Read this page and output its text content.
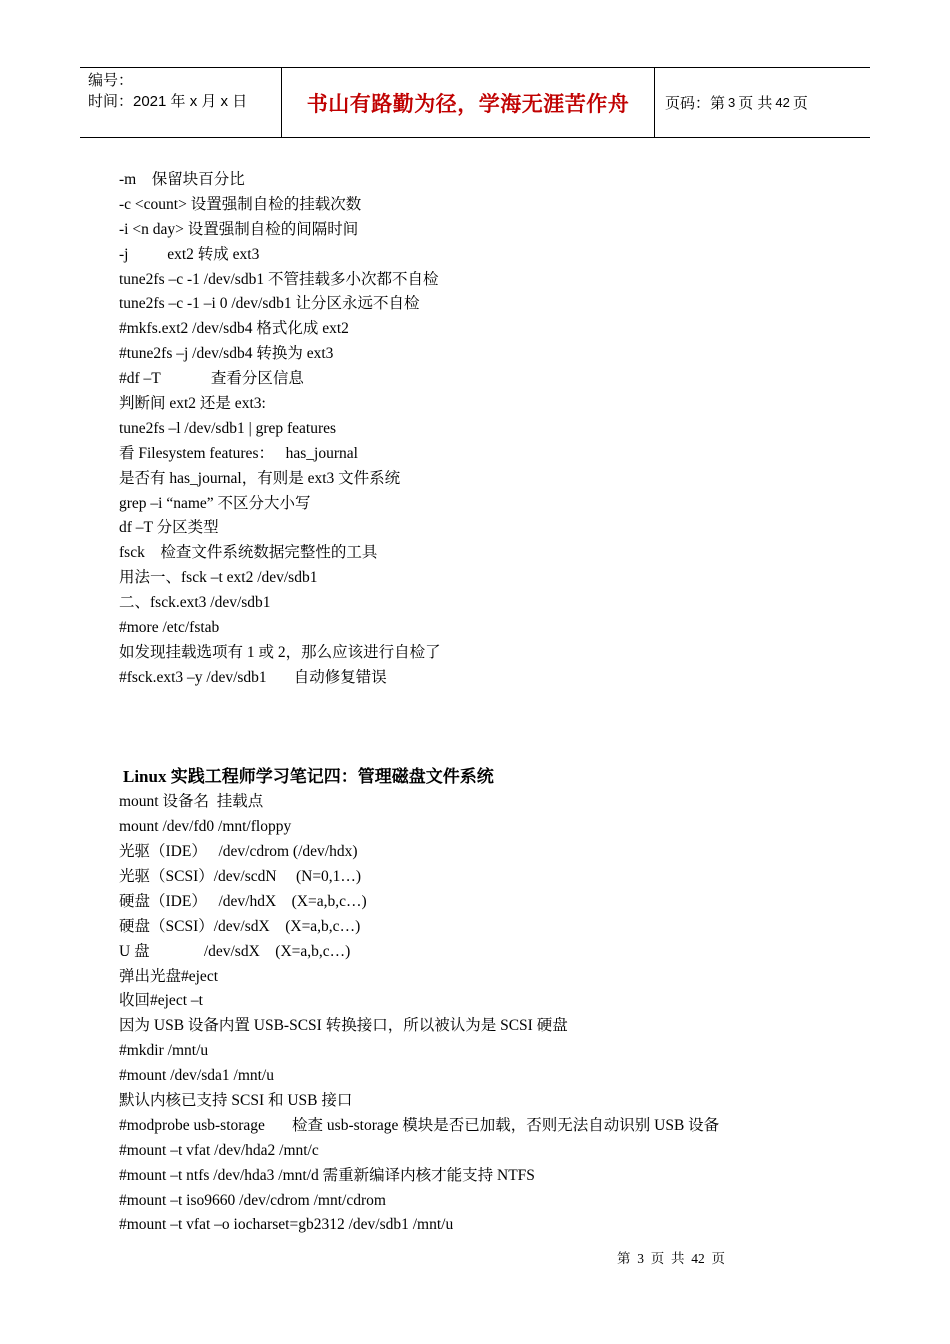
编号：
时间：2021 年 x 月 x 日	书山有路勤为径，学海无涯苦作舟 页码：第 3 页 共 42 页
-m    保留块百分比
-c <count> 设置强制自检的挂载次数
-i <n day> 设置强制自检的间隔时间
-j          ext2 转成 ext3
tune2fs –c -1 /dev/sdb1 不管挂载多小次都不自检
tune2fs –c -1 –i 0 /dev/sdb1 让分区永远不自检
#mkfs.ext2 /dev/sdb4 格式化成 ext2
#tune2fs –j /dev/sdb4 转换为 ext3
#df –T             查看分区信息
判断间 ext2 还是 ext3:
tune2fs –l /dev/sdb1 | grep features
看 Filesystem features：   has_journal
是否有 has_journal，有则是 ext3 文件系统
grep –i “name” 不区分大小写
df –T 分区类型
fsck    检查文件系统数据完整性的工具
用法一、fsck –t ext2 /dev/sdb1
二、fsck.ext3 /dev/sdb1
#more /etc/fstab
如发现挂载选项有 1 或 2，那么应该进行自检了
#fsck.ext3 –y /dev/sdb1       自动修复错误
Linux 实践工程师学习笔记四：管理磁盘文件系统
mount 设备名  挂载点
mount /dev/fd0 /mnt/floppy
光驱（IDE）   /dev/cdrom (/dev/hdx)
光驱（SCSI）/dev/scdN     (N=0,1…)
硬盘（IDE）   /dev/hdX    (X=a,b,c…)
硬盘（SCSI）/dev/sdX    (X=a,b,c…)
U 盘              /dev/sdX    (X=a,b,c…)
弹出光盘#eject
收回#eject –t
因为 USB 设备内置 USB-SCSI 转换接口，所以被认为是 SCSI 硬盘
#mkdir /mnt/u
#mount /dev/sda1 /mnt/u
默认内核已支持 SCSI 和 USB 接口
#modprobe usb-storage       检查 usb-storage 模块是否已加载，否则无法自动识别 USB 设备
#mount –t vfat /dev/hda2 /mnt/c
#mount –t ntfs /dev/hda3 /mnt/d 需重新编译内核才能支持 NTFS
#mount –t iso9660 /dev/cdrom /mnt/cdrom
#mount –t vfat –o iocharset=gb2312 /dev/sdb1 /mnt/u
第  3  页  共  42  页
